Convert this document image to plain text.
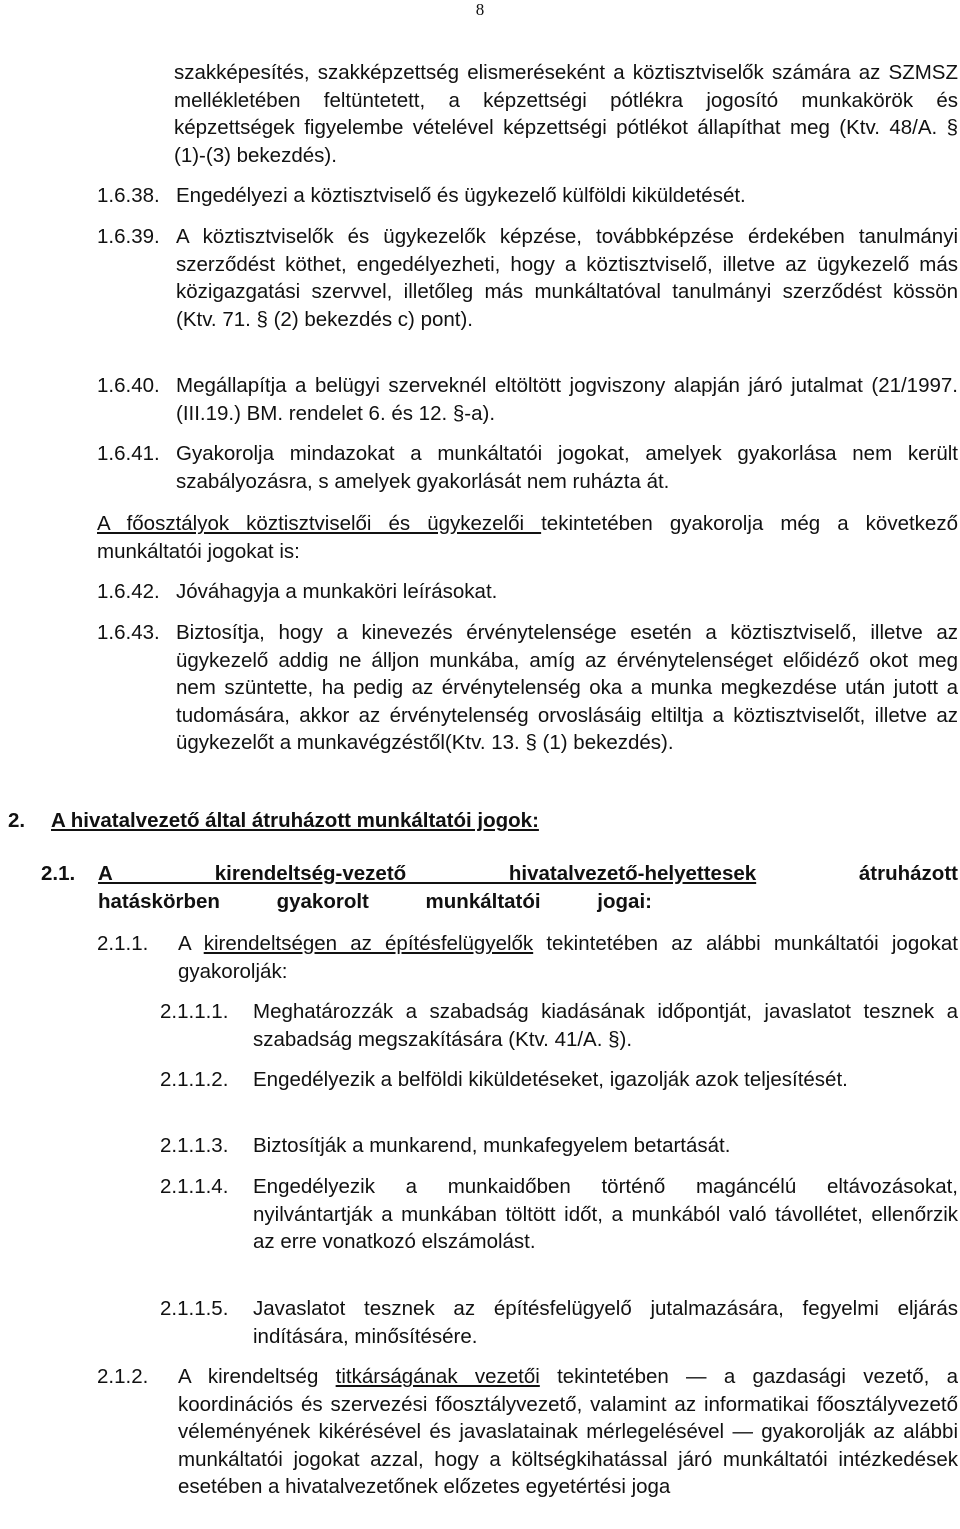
8
szakképesítés, szakképzettség elismeréseként a köztisztviselők számára az SZMSZ mellékletében feltüntetett, a képzettségi pótlékra jogosító munkakörök és képzettségek figyelembe vételével képzettségi pótlékot állapíthat meg (Ktv. 48/A. § (1)-(3) bekezdés).
1.6.38. Engedélyezi a köztisztviselő és ügykezelő külföldi kiküldetését.
1.6.39. A köztisztviselők és ügykezelők képzése, továbbképzése érdekében tanulmányi szerződést köthet, engedélyezheti, hogy a köztisztviselő, illetve az ügykezelő más közigazgatási szervvel, illetőleg más munkáltatóval tanulmányi szerződést kössön (Ktv. 71. § (2) bekezdés c) pont).
1.6.40. Megállapítja a belügyi szerveknél eltöltött jogviszony alapján járó jutalmat (21/1997.(III.19.) BM. rendelet 6. és 12. §-a).
1.6.41. Gyakorolja mindazokat a munkáltatói jogokat, amelyek gyakorlása nem került szabályozásra, s amelyek gyakorlását nem ruházta át.
A főosztályok köztisztviselői és ügykezelői tekintetében gyakorolja még a következő munkáltatói jogokat is:
1.6.42. Jóváhagyja a munkaköri leírásokat.
1.6.43. Biztosítja, hogy a kinevezés érvénytelensége esetén a köztisztviselő, illetve az ügykezelő addig ne álljon munkába, amíg az érvénytelenséget előidéző okot meg nem szüntette, ha pedig az érvénytelenség oka a munka megkezdése után jutott a tudomására, akkor az érvénytelenség orvoslásáig eltiltja a köztisztviselőt, illetve az ügykezelőt a munkavégzéstől(Ktv. 13. § (1) bekezdés).
2. A hivatalvezető által átruházott munkáltatói jogok:
2.1. A kirendeltség-vezető hivatalvezető-helyettesek átruházott hatáskörben gyakorolt munkáltatói jogai:
2.1.1. A kirendeltségen az építésfelügyelők tekintetében az alábbi munkáltatói jogokat gyakorolják:
2.1.1.1. Meghatározzák a szabadság kiadásának időpontját, javaslatot tesznek a szabadság megszakítására (Ktv. 41/A. §).
2.1.1.2. Engedélyezik a belföldi kiküldetéseket, igazolják azok teljesítését.
2.1.1.3. Biztosítják a munkarend, munkafegyelem betartását.
2.1.1.4. Engedélyezik a munkaidőben történő magáncélú eltávozásokat, nyilvántartják a munkában töltött időt, a munkából való távollétet, ellenőrzik az erre vonatkozó elszámolást.
2.1.1.5. Javaslatot tesznek az építésfelügyelő jutalmazására, fegyelmi eljárás indítására, minősítésére.
2.1.2. A kirendeltség titkárságának vezetői tekintetében — a gazdasági vezető, a koordinációs és szervezési főosztályvezető, valamint az informatikai főosztályvezető véleményének kikérésével és javaslatainak mérlegelésével — gyakorolják az alábbi munkáltatói jogokat azzal, hogy a költségkihatással járó munkáltatói intézkedések esetében a hivatalvezetőnek előzetes egyetértési joga
